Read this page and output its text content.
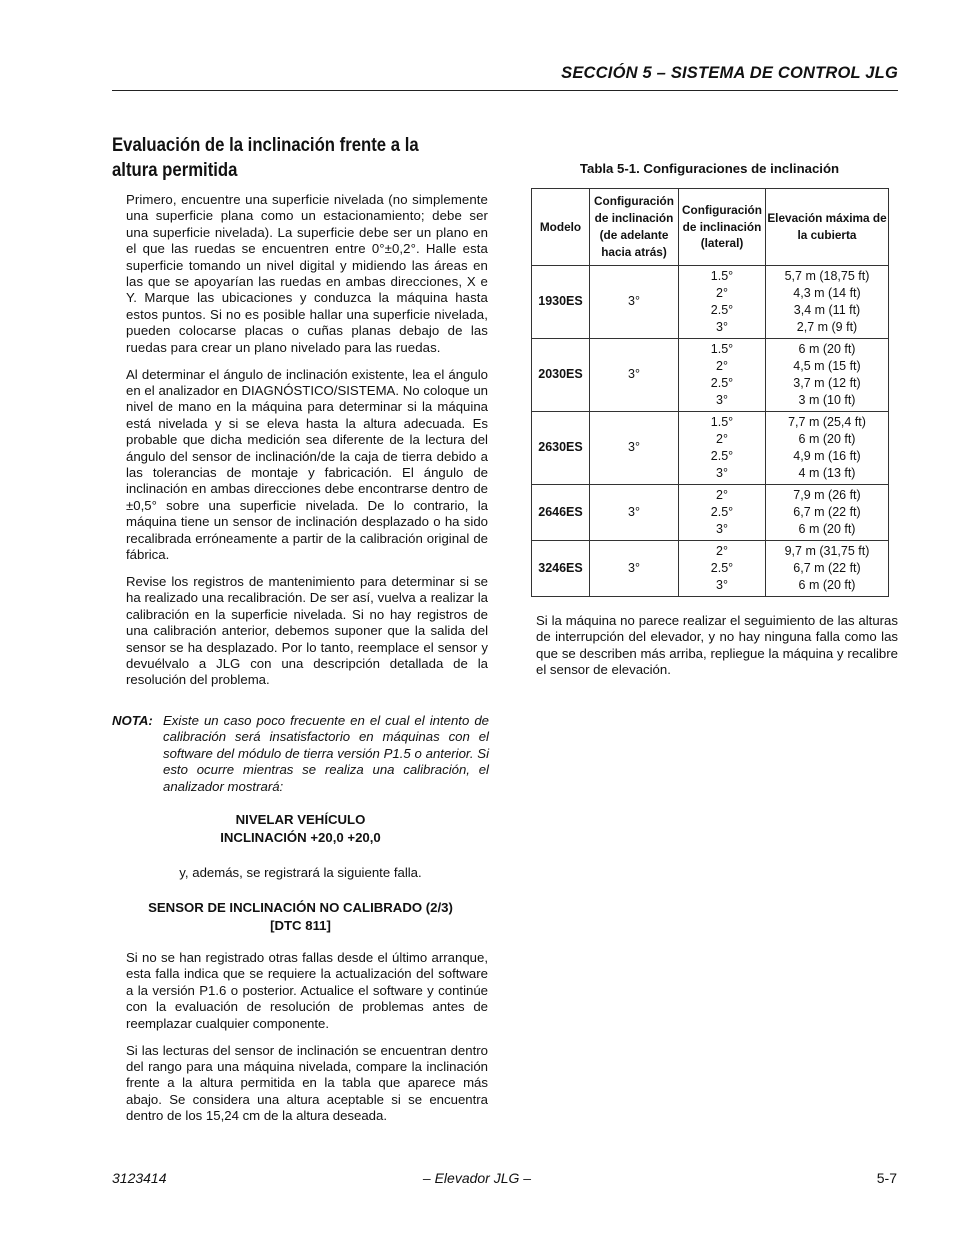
SECCIÓN 5 – SISTEMA DE CONTROL JLG
Evaluación de la inclinación frente a la
altura permitida

Primero, encuentre una superficie nivelada (no simplemente una superficie plana como un estacionamiento; debe ser una superficie nivelada). La superficie debe ser un plano en el que las ruedas se encuentren entre 0°±0,2°. Halle esta superficie tomando un nivel digital y midiendo las áreas en las que se apoyarían las ruedas en ambas direcciones, X e Y. Marque las ubicaciones y conduzca la máquina hasta estos puntos. Si no es posible hallar una superficie nivelada, pueden colocarse placas o cuñas planas debajo de las ruedas para crear un plano nivelado para las ruedas.

Al determinar el ángulo de inclinación existente, lea el ángulo en el analizador en DIAGNÓSTICO/SISTEMA. No coloque un nivel de mano en la máquina para determinar si la máquina está nivelada y si se eleva hasta la altura adecuada. Es probable que dicha medición sea diferente de la lectura del ángulo del sensor de inclinación/de la caja de tierra debido a las tolerancias de montaje y fabricación. El ángulo de inclinación en ambas direcciones debe encontrarse dentro de ±0,5° sobre una superficie nivelada. De lo contrario, la máquina tiene un sensor de inclinación desplazado o ha sido recalibrada erróneamente a partir de la calibración original de fábrica.

Revise los registros de mantenimiento para determinar si se ha realizado una recalibración. De ser así, vuelva a realizar la calibración en la superficie nivelada. Si no hay registros de una calibración anterior, debemos suponer que la salida del sensor se ha desplazado. Por lo tanto, reemplace el sensor y devuélvalo a JLG con una descripción detallada de la resolución del problema.

NOTA: Existe un caso poco frecuente en el cual el intento de calibración será insatisfactorio en máquinas con el software del módulo de tierra versión P1.5 o anterior. Si esto ocurre mientras se realiza una calibración, el analizador mostrará:
NIVELAR VEHÍCULO
INCLINACIÓN +20,0 +20,0
y, además, se registrará la siguiente falla.
SENSOR DE INCLINACIÓN NO CALIBRADO (2/3)
[DTC 811]

Si no se han registrado otras fallas desde el último arranque, esta falla indica que se requiere la actualización del software a la versión P1.6 o posterior. Actualice el software y continúe con la evaluación de resolución de problemas antes de reemplazar cualquier componente.

Si las lecturas del sensor de inclinación se encuentran dentro del rango para una máquina nivelada, compare la inclinación frente a la altura permitida en la tabla que aparece más abajo. Se considera una altura aceptable si se encuentra dentro de los 15,24 cm de la altura deseada.

Tabla 5-1. Configuraciones de inclinación
Modelo	Configuración de inclinación (de adelante hacia atrás)	Configuración de inclinación (lateral)	Elevación máxima de la cubierta
1930ES	3°	1.5°
2°
2.5°
3°	5,7 m (18,75 ft)
4,3 m (14 ft)
3,4 m (11 ft)
2,7 m (9 ft)

2030ES	3°	1.5°
2°
2.5°
3°	6 m (20 ft)
4,5 m (15 ft)
3,7 m (12 ft)
3 m (10 ft)

2630ES	3°	1.5°
2°
2.5°
3°	7,7 m (25,4 ft)
6 m (20 ft)
4,9 m (16 ft)
4 m (13 ft)

2646ES	3°	2°
2.5°
3°	7,9 m (26 ft)
6,7 m (22 ft)
6 m (20 ft)

3246ES	3°	2°
2.5°
3°	9,7 m (31,75 ft)
6,7 m (22 ft)
6 m (20 ft)
Si la máquina no parece realizar el seguimiento de las alturas de interrupción del elevador, y no hay ninguna falla como las que se describen más arriba, repliegue la máquina y recalibre el sensor de elevación.
3123414	– Elevador JLG –	5-7
